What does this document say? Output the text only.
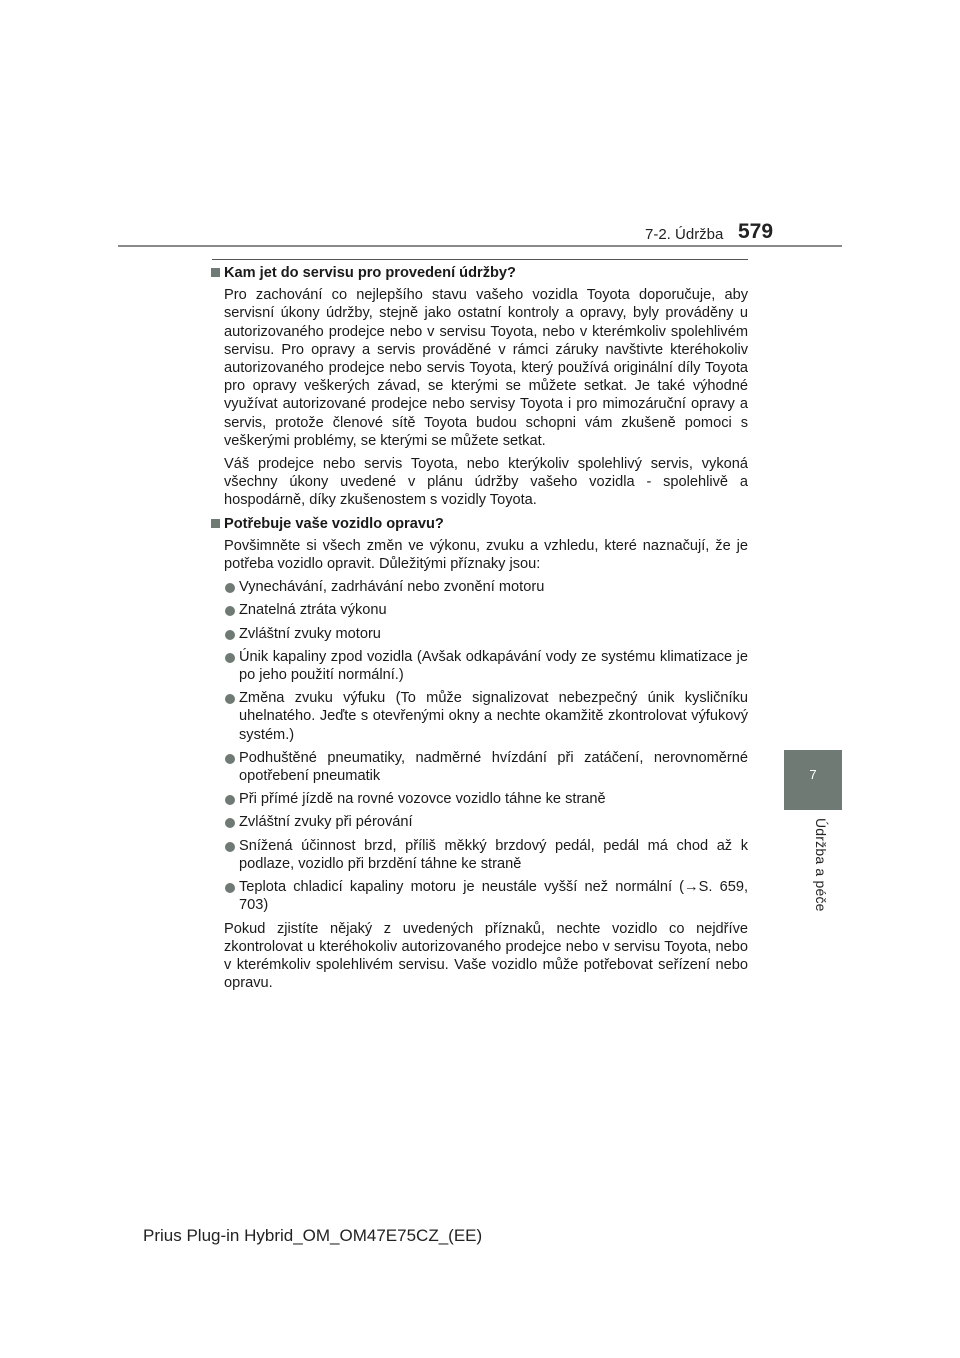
7-2. Údržba 579
7
Údržba a péče
Kam jet do servisu pro provedení údržby?
Pro zachování co nejlepšího stavu vašeho vozidla Toyota doporučuje, aby servisní úkony údržby, stejně jako ostatní kontroly a opravy, byly prováděny u autorizovaného prodejce nebo v servisu Toyota, nebo v kterémkoliv spolehlivém servisu. Pro opravy a servis prováděné v rámci záruky navštivte kteréhokoliv autorizovaného prodejce nebo servis Toyota, který používá originální díly Toyota pro opravy veškerých závad, se kterými se můžete setkat. Je také výhodné využívat autorizované prodejce nebo servisy Toyota i pro mimozáruční opravy a servis, protože členové sítě Toyota budou schopni vám zkušeně pomoci s veškerými problémy, se kterými se můžete setkat.
Váš prodejce nebo servis Toyota, nebo kterýkoliv spolehlivý servis, vykoná všechny úkony uvedené v plánu údržby vašeho vozidla - spolehlivě a hospodárně, díky zkušenostem s vozidly Toyota.
Potřebuje vaše vozidlo opravu?
Povšimněte si všech změn ve výkonu, zvuku a vzhledu, které naznačují, že je potřeba vozidlo opravit. Důležitými příznaky jsou:
Vynechávání, zadrhávání nebo zvonění motoru
Znatelná ztráta výkonu
Zvláštní zvuky motoru
Únik kapaliny zpod vozidla (Avšak odkapávání vody ze systému klimatizace je po jeho použití normální.)
Změna zvuku výfuku (To může signalizovat nebezpečný únik kysličníku uhelnatého. Jeďte s otevřenými okny a nechte okamžitě zkontrolovat výfukový systém.)
Podhuštěné pneumatiky, nadměrné hvízdání při zatáčení, nerovnoměrné opotřebení pneumatik
Při přímé jízdě na rovné vozovce vozidlo táhne ke straně
Zvláštní zvuky při pérování
Snížená účinnost brzd, příliš měkký brzdový pedál, pedál má chod až k podlaze, vozidlo při brzdění táhne ke straně
Teplota chladicí kapaliny motoru je neustále vyšší než normální (→S. 659, 703)
Pokud zjistíte nějaký z uvedených příznaků, nechte vozidlo co nejdříve zkontrolovat u kteréhokoliv autorizovaného prodejce nebo v servisu Toyota, nebo v kterémkoliv spolehlivém servisu. Vaše vozidlo může potřebovat seřízení nebo opravu.
Prius Plug-in Hybrid_OM_OM47E75CZ_(EE)
